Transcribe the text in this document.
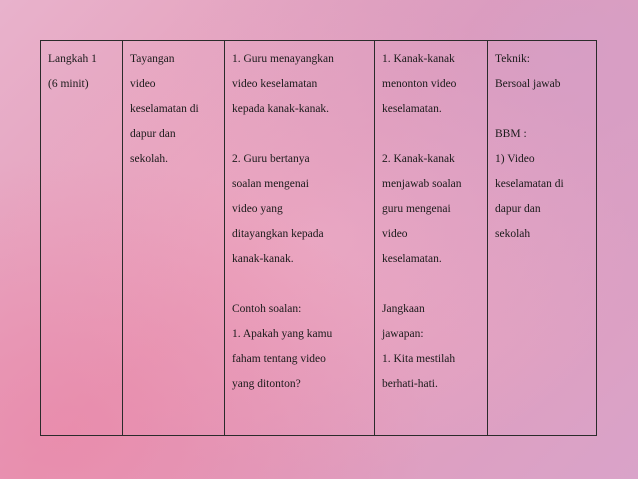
Langkah 1
(6 minit)

Tayangan
video
keselamatan di
dapur dan
sekolah.

1. Guru menayangkan
video keselamatan
kepada kanak-kanak.
2. Guru bertanya
soalan mengenai
video yang
ditayangkan kepada
kanak-kanak.
Contoh soalan:
1. Apakah yang kamu
faham tentang video
yang ditonton?

1. Kanak-kanak
menonton video
keselamatan.
2. Kanak-kanak
menjawab soalan
guru mengenai
video
keselamatan.
Jangkaan
jawapan:
1. Kita mestilah
berhati-hati.

Teknik:
Bersoal jawab
BBM :
1) Video
keselamatan di
dapur dan
sekolah
